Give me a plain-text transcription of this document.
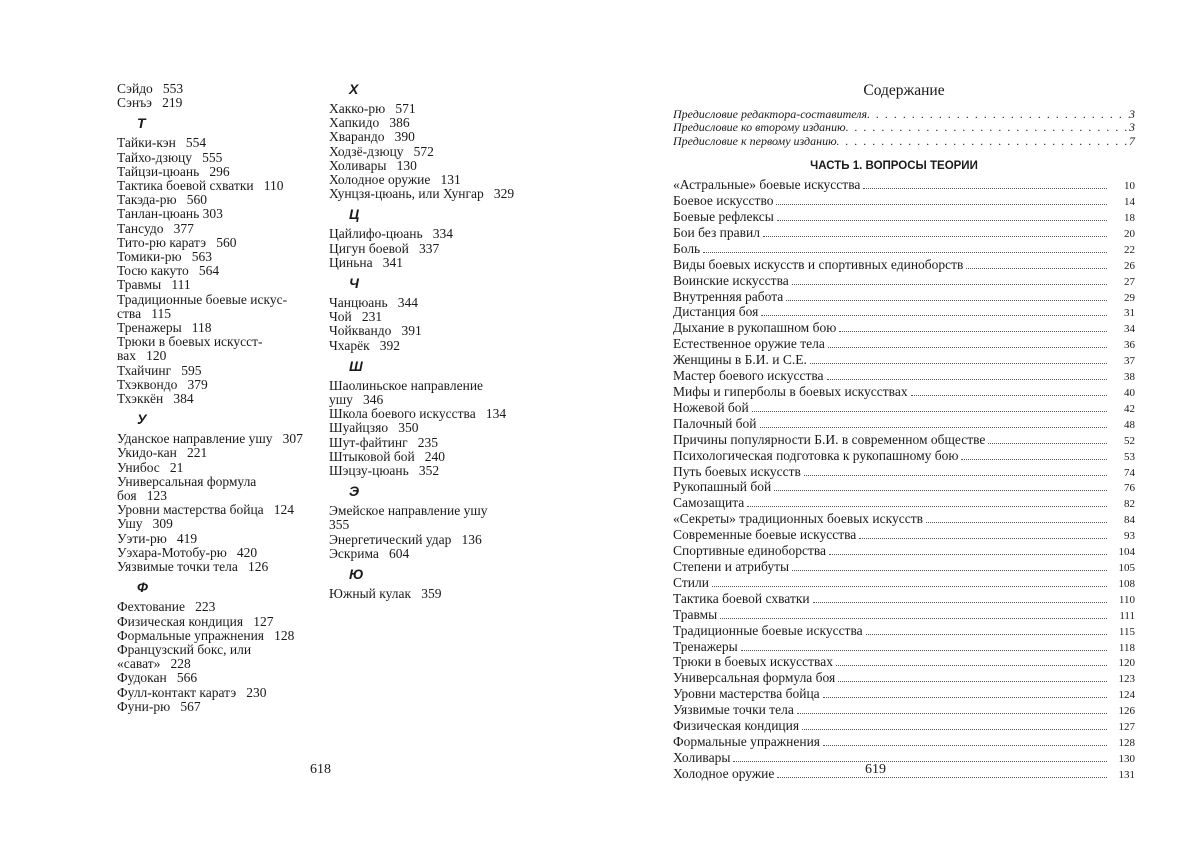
Сэйдо   553
Сэнъэ   219
Т
Тайки-кэн   554
Тайхо-дзюцу   555
Тайцзи-цюань   296
Тактика боевой схватки   110
Такэда-рю   560
Танлан-цюань 303
Тансудо   377
Тито-рю каратэ   560
Томики-рю   563
Тосю какуто   564
Травмы   111
Традиционные боевые искус-
ства   115
Тренажеры   118
Трюки в боевых искусст-
вах   120
Тхайчинг   595
Тхэквондо   379
Тхэккён   384
У
Уданское направление ушу   307
Укидо-кан   221
Унибос   21
Универсальная формула
боя   123
Уровни мастерства бойца   124
Ушу   309
Уэти-рю   419
Уэхара-Мотобу-рю   420
Уязвимые точки тела   126
Ф
Фехтование   223
Физическая кондиция   127
Формальные упражнения   128
Французский бокс, или
«сават»   228
Фудокан   566
Фулл-контакт каратэ   230
Фуни-рю   567
Х
Хакко-рю   571
Хапкидо   386
Хварандо   390
Ходзё-дзюцу   572
Холивары   130
Холодное оружие   131
Хунцзя-цюань, или Хунгар   329
Ц
Цайлифо-цюань   334
Цигун боевой   337
Циньна   341
Ч
Чанцюань   344
Чой   231
Чойквандо   391
Чхарёк   392
Ш
Шаолиньское направление
ушу   346
Школа боевого искусства   134
Шуайцзяо   350
Шут-файтинг   235
Штыковой бой   240
Шэцзу-цюань   352
Э
Эмейское направление ушу
355
Энергетический удар   136
Эскрима   604
Ю
Южный кулак   359
618
Содержание
Предисловие редактора-составителя . . .	3
Предисловие ко второму изданию . . .	3
Предисловие к первому изданию . . .	7
ЧАСТЬ 1. ВОПРОСЫ ТЕОРИИ
«Астральные» боевые искусства	10
Боевое искусство	14
Боевые рефлексы	18
Бои без правил	20
Боль	22
Виды боевых искусств и спортивных единоборств	26
Воинские искусства	27
Внутренняя работа	29
Дистанция боя	31
Дыхание в рукопашном бою	34
Естественное оружие тела	36
Женщины в Б.И. и С.Е.	37
Мастер боевого искусства	38
Мифы и гиперболы в боевых искусствах	40
Ножевой бой	42
Палочный бой	48
Причины популярности Б.И. в современном обществе	52
Психологическая подготовка к рукопашному бою	53
Путь боевых искусств	74
Рукопашный бой	76
Самозащита	82
«Секреты» традиционных боевых искусств	84
Современные боевые искусства	93
Спортивные единоборства	104
Степени и атрибуты	105
Стили	108
Тактика боевой схватки	110
Травмы	111
Традиционные боевые искусства	115
Тренажеры	118
Трюки в боевых искусствах	120
Универсальная формула боя	123
Уровни мастерства бойца	124
Уязвимые точки тела	126
Физическая кондиция	127
Формальные упражнения	128
Холивары	130
Холодное оружие	131
619
